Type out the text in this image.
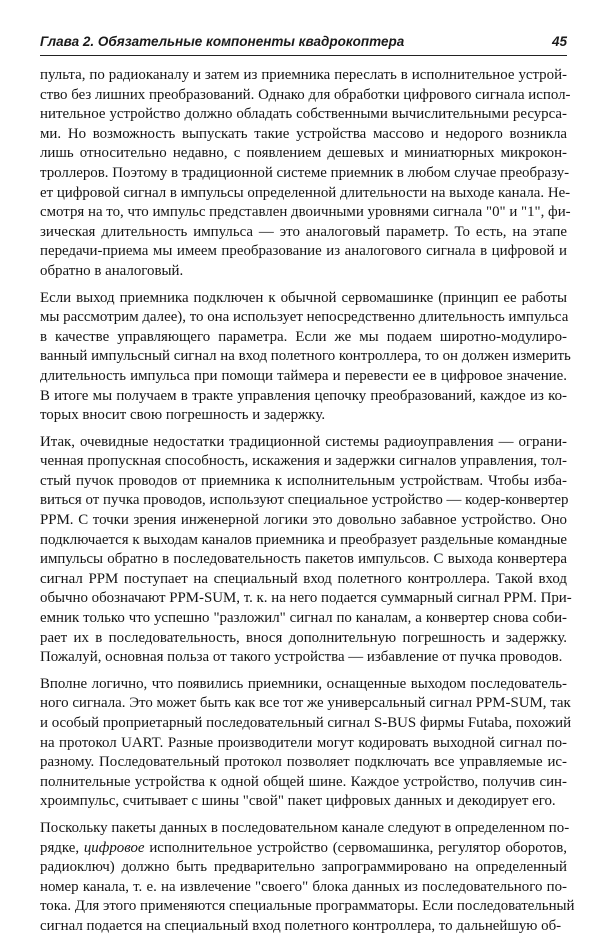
Глава 2. Обязательные компоненты квадрокоптера	45
пульта, по радиоканалу и затем из приемника переслать в исполнительное устрой-
ство без лишних преобразований. Однако для обработки цифрового сигнала испол-
нительное устройство должно обладать собственными вычислительными ресурса-
ми. Но возможность выпускать такие устройства массово и недорого возникла
лишь относительно недавно, с появлением дешевых и миниатюрных микрокон-
троллеров. Поэтому в традиционной системе приемник в любом случае преобразу-
ет цифровой сигнал в импульсы определенной длительности на выходе канала. Не-
смотря на то, что импульс представлен двоичными уровнями сигнала "0" и "1", фи-
зическая длительность импульса — это аналоговый параметр. То есть, на этапе
передачи-приема мы имеем преобразование из аналогового сигнала в цифровой и
обратно в аналоговый.
Если выход приемника подключен к обычной сервомашинке (принцип ее работы
мы рассмотрим далее), то она использует непосредственно длительность импульса
в качестве управляющего параметра. Если же мы подаем широтно-модулиро-
ванный импульсный сигнал на вход полетного контроллера, то он должен измерить
длительность импульса при помощи таймера и перевести ее в цифровое значение.
В итоге мы получаем в тракте управления цепочку преобразований, каждое из ко-
торых вносит свою погрешность и задержку.
Итак, очевидные недостатки традиционной системы радиоуправления — ограни-
ченная пропускная способность, искажения и задержки сигналов управления, тол-
стый пучок проводов от приемника к исполнительным устройствам. Чтобы изба-
виться от пучка проводов, используют специальное устройство — кодер-конвертер
PPM. С точки зрения инженерной логики это довольно забавное устройство. Оно
подключается к выходам каналов приемника и преобразует раздельные командные
импульсы обратно в последовательность пакетов импульсов. С выхода конвертера
сигнал PPM поступает на специальный вход полетного контроллера. Такой вход
обычно обозначают PPM-SUM, т. к. на него подается суммарный сигнал PPM. При-
емник только что успешно "разложил" сигнал по каналам, а конвертер снова соби-
рает их в последовательность, внося дополнительную погрешность и задержку.
Пожалуй, основная польза от такого устройства — избавление от пучка проводов.
Вполне логично, что появились приемники, оснащенные выходом последователь-
ного сигнала. Это может быть как все тот же универсальный сигнал PPM-SUM, так
и особый проприетарный последовательный сигнал S-BUS фирмы Futaba, похожий
на протокол UART. Разные производители могут кодировать выходной сигнал по-
разному. Последовательный протокол позволяет подключать все управляемые ис-
полнительные устройства к одной общей шине. Каждое устройство, получив син-
хроимпульс, считывает с шины "свой" пакет цифровых данных и декодирует его.
Поскольку пакеты данных в последовательном канале следуют в определенном по-
рядке, цифровое исполнительное устройство (сервомашинка, регулятор оборотов,
радиоключ) должно быть предварительно запрограммировано на определенный
номер канала, т. е. на извлечение "своего" блока данных из последовательного по-
тока. Для этого применяются специальные программаторы. Если последовательный
сигнал подается на специальный вход полетного контроллера, то дальнейшую об-
